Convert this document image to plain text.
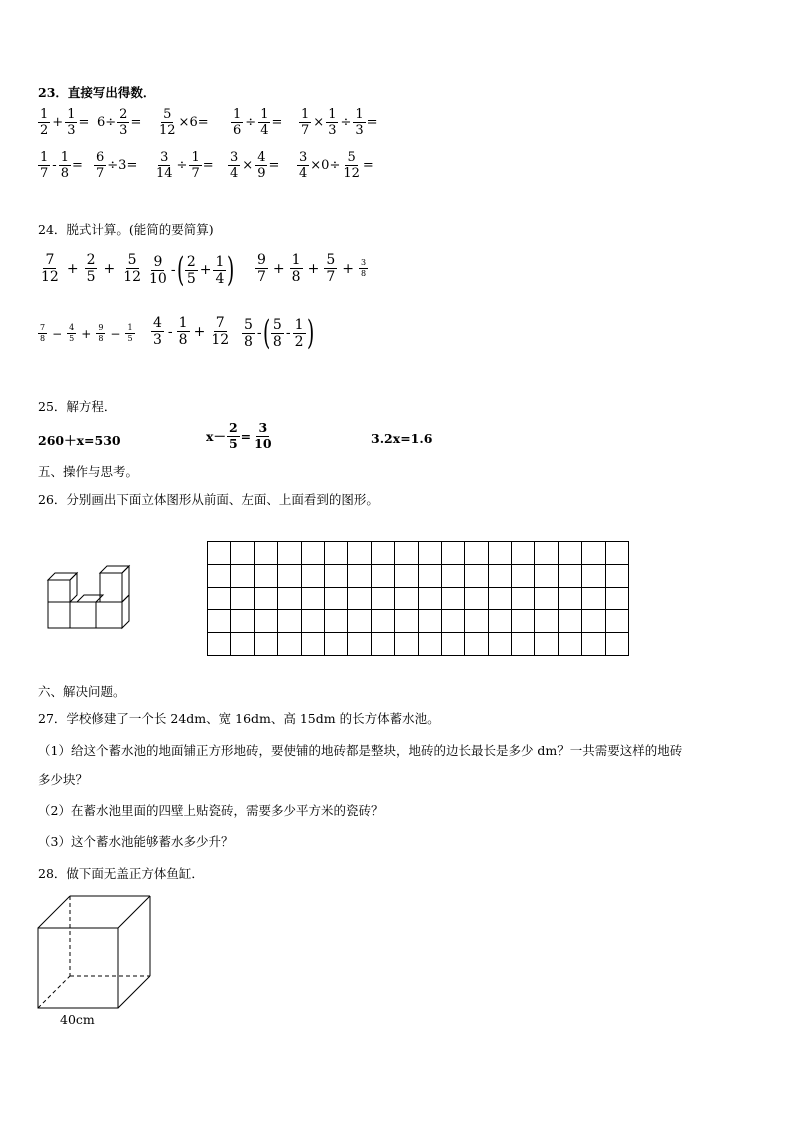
23．直接写出得数．
$\frac{1}{2} + \frac{1}{3} = 6\div \frac{2}{3} = \frac{5}{12} \times 6= \frac{1}{6} \div \frac{1}{4} = \frac{1}{7} \times \frac{1}{3} \div \frac{1}{3}$ =
$\frac{1}{7} - \frac{1}{8} = \frac{6}{7} \div 3= \frac{3}{14} \div \frac{1}{7} = \frac{3}{4} \times \frac{4}{9} = \frac{3}{4} \times 0\div \frac{5}{12}$ =
24．脱式计算。(能简的要简算)
$\frac{7}{12} + \frac{2}{5} + \frac{5}{12} \frac{9}{10}$ - ( $\frac{2}{5} + \frac{1}{4}$ ) $\frac{9}{7} + \frac{1}{8} + \frac{5}{7} + \frac{3}{8}$
$\frac{7}{8} - \frac{4}{5} + \frac{9}{8} - \frac{1}{5} \frac{4}{3} - \frac{1}{8} + \frac{7}{12} \frac{5}{8}$ - ( $\frac{5}{8} - \frac{1}{2}$ )
25．解方程．
260＋x=530	$x- \frac{2}{5} = \frac{3}{10}$	3.2x=1.6
五、操作与思考。
26．分别画出下面立体图形从前面、左面、上面看到的图形。

六、解决问题。
27．学校修建了一个长 24dm、宽 16dm、高 15dm 的长方体蓄水池。
（1）给这个蓄水池的地面铺正方形地砖，要使铺的地砖都是整块，地砖的边长最长是多少 dm？一共需要这样的地砖
多少块？
（2）在蓄水池里面的四壁上贴瓷砖，需要多少平方米的瓷砖？
（3）这个蓄水池能够蓄水多少升？
28．做下面无盖正方体鱼缸．
40cm
